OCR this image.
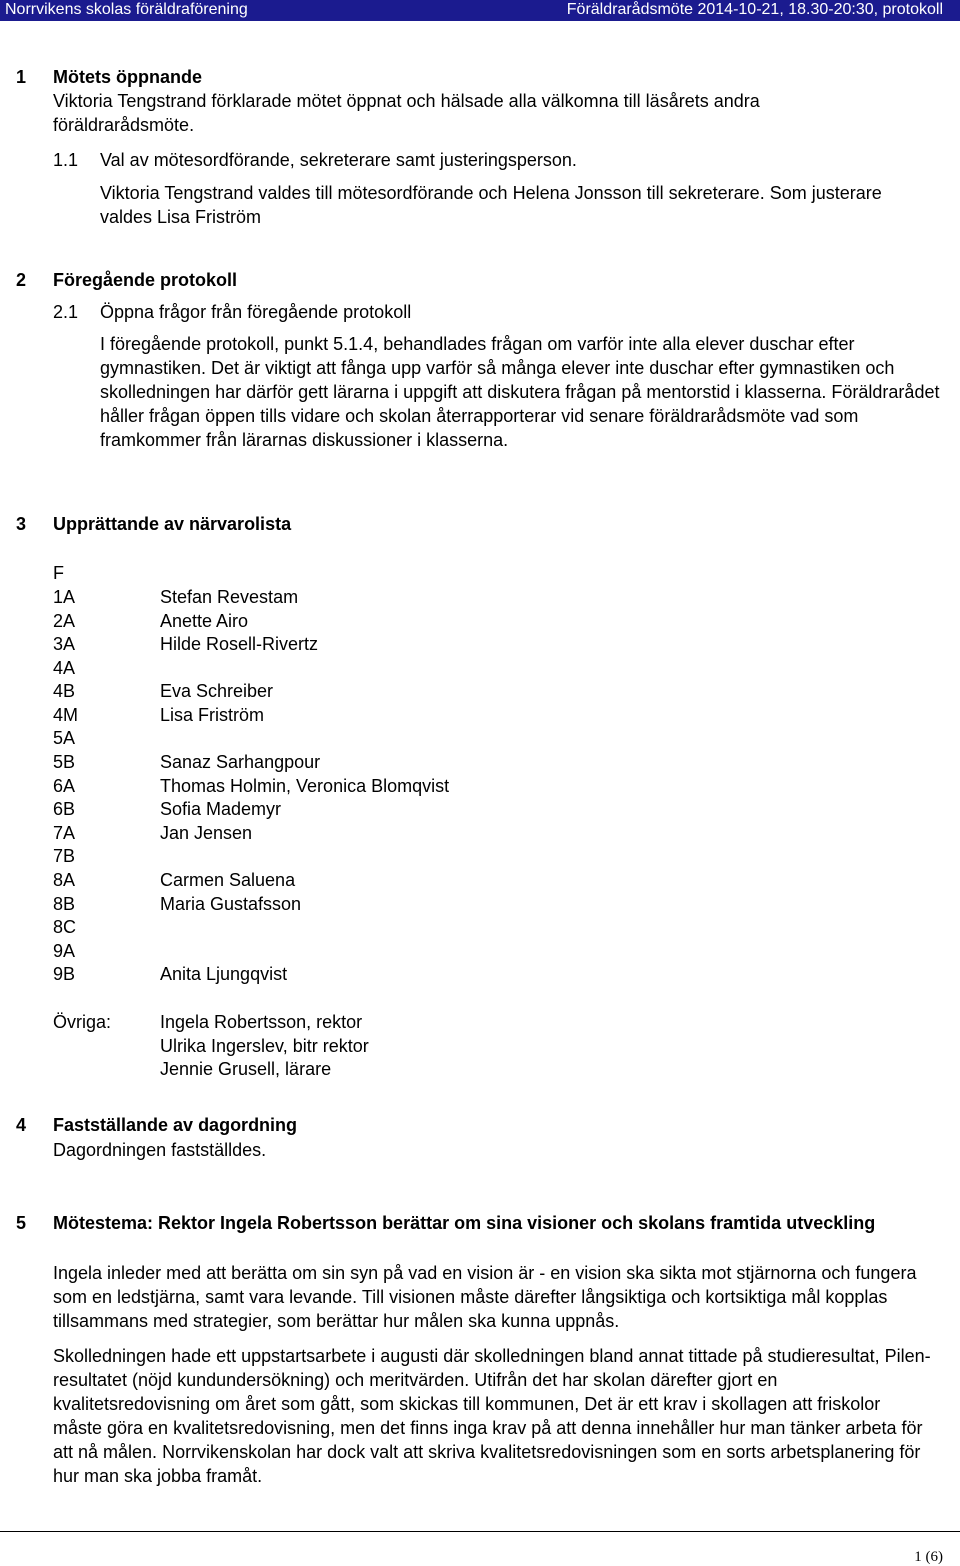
Norrvikens skolas föräldraförening	Föräldrarådsmöte 2014-10-21, 18.30-20:30, protokoll
1 Mötets öppnande
Viktoria Tengstrand förklarade mötet öppnat och hälsade alla välkomna till läsårets andra föräldrarådsmöte.
1.1 Val av mötesordförande, sekreterare samt justeringsperson.
Viktoria Tengstrand valdes till mötesordförande och Helena Jonsson till sekreterare. Som justerare valdes Lisa Friström
2 Föregående protokoll
2.1 Öppna frågor från föregående protokoll
I föregående protokoll, punkt 5.1.4, behandlades frågan om varför inte alla elever duschar efter gymnastiken. Det är viktigt att fånga upp varför så många elever inte duschar efter gymnastiken och skolledningen har därför gett lärarna i uppgift att diskutera frågan på mentorstid i klasserna. Föräldrarådet håller frågan öppen tills vidare och skolan återrapporterar vid senare föräldrarådsmöte vad som framkommer från lärarnas diskussioner i klasserna.
3 Upprättande av närvarolista
F
1A	Stefan Revestam
2A	Anette Airo
3A	Hilde Rosell-Rivertz
4A
4B	Eva Schreiber
4M	Lisa Friström
5A
5B	Sanaz Sarhangpour
6A	Thomas Holmin, Veronica Blomqvist
6B	Sofia Mademyr
7A	Jan Jensen
7B
8A	Carmen Saluena
8B	Maria Gustafsson
8C
9A
9B	Anita Ljungqvist
Övriga:	Ingela Robertsson, rektor
Ulrika Ingerslev, bitr rektor
Jennie Grusell, lärare
4 Fastställande av dagordning
Dagordningen fastställdes.
5 Mötestema: Rektor Ingela Robertsson berättar om sina visioner och skolans framtida utveckling
Ingela inleder med att berätta om sin syn på vad en vision är - en vision ska sikta mot stjärnorna och fungera som en ledstjärna, samt vara levande. Till visionen måste därefter långsiktiga och kortsiktiga mål kopplas tillsammans med strategier, som berättar hur målen ska kunna uppnås.
Skolledningen hade ett uppstartsarbete i augusti där skolledningen bland annat tittade på studieresultat, Pilen-resultatet (nöjd kundundersökning) och meritvärden. Utifrån det har skolan därefter gjort en kvalitetsredovisning om året som gått, som skickas till kommunen, Det är ett krav i skollagen att friskolor måste göra en kvalitetsredovisning, men det finns inga krav på att denna innehåller hur man tänker arbeta för att nå målen. Norrvikenskolan har dock valt att skriva kvalitetsredovisningen som en sorts arbetsplanering för hur man ska jobba framåt.
1 (6)
